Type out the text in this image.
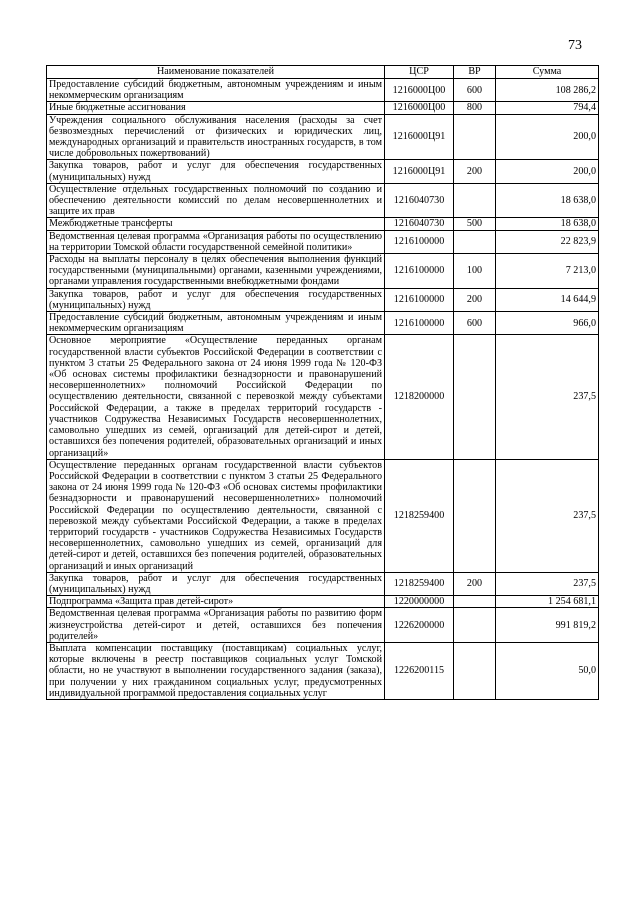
73
Наименование показателей	ЦСР	ВР	Сумма
Предоставление субсидий бюджетным, автономным учреждениям и иным некоммерческим организациям	1216000Ц00	600	108 286,2
Иные бюджетные ассигнования	1216000Ц00	800	794,4
Учреждения социального обслуживания населения (расходы за счет безвозмездных перечислений от физических и юридических лиц, международных организаций и правительств иностранных государств, в том числе добровольных пожертвований)	1216000Ц91		200,0
Закупка товаров, работ и услуг для обеспечения государственных (муниципальных) нужд	1216000Ц91	200	200,0
Осуществление отдельных государственных полномочий по созданию и обеспечению деятельности комиссий по делам несовершеннолетних и защите их прав	1216040730		18 638,0
Межбюджетные трансферты	1216040730	500	18 638,0
Ведомственная целевая программа «Организация работы по осуществлению на территории Томской области государственной семейной политики»	1216100000		22 823,9
Расходы на выплаты персоналу в целях обеспечения выполнения функций государственными (муниципальными) органами, казенными учреждениями, органами управления государственными внебюджетными фондами	1216100000	100	7 213,0
Закупка товаров, работ и услуг для обеспечения государственных (муниципальных) нужд	1216100000	200	14 644,9
Предоставление субсидий бюджетным, автономным учреждениям и иным некоммерческим организациям	1216100000	600	966,0
Основное мероприятие «Осуществление переданных органам государственной власти субъектов Российской Федерации в соответствии с пунктом 3 статьи 25 Федерального закона от 24 июня 1999 года № 120-ФЗ «Об основах системы профилактики безнадзорности и правонарушений несовершеннолетних» полномочий Российской Федерации по осуществлению деятельности, связанной с перевозкой между субъектами Российской Федерации, а также в пределах территорий государств - участников Содружества Независимых Государств несовершеннолетних, самовольно ушедших из семей, организаций для детей-сирот и детей, оставшихся без попечения родителей, образовательных организаций и иных организаций»	1218200000		237,5
Осуществление переданных органам государственной власти субъектов Российской Федерации в соответствии с пунктом 3 статьи 25 Федерального закона от 24 июня 1999 года № 120-ФЗ «Об основах системы профилактики безнадзорности и правонарушений несовершеннолетних» полномочий Российской Федерации по осуществлению деятельности, связанной с перевозкой между субъектами Российской Федерации, а также в пределах территорий государств - участников Содружества Независимых Государств несовершеннолетних, самовольно ушедших из семей, организаций для детей-сирот и детей, оставшихся без попечения родителей, образовательных организаций и иных организаций	1218259400		237,5
Закупка товаров, работ и услуг для обеспечения государственных (муниципальных) нужд	1218259400	200	237,5
Подпрограмма «Защита прав детей-сирот»	1220000000		1 254 681,1
Ведомственная целевая программа «Организация работы по развитию форм жизнеустройства детей-сирот и детей, оставшихся без попечения родителей»	1226200000		991 819,2
Выплата компенсации поставщику (поставщикам) социальных услуг, которые включены в реестр поставщиков социальных услуг Томской области, но не участвуют в выполнении государственного задания (заказа), при получении у них гражданином социальных услуг, предусмотренных индивидуальной программой предоставления социальных услуг	1226200115		50,0
